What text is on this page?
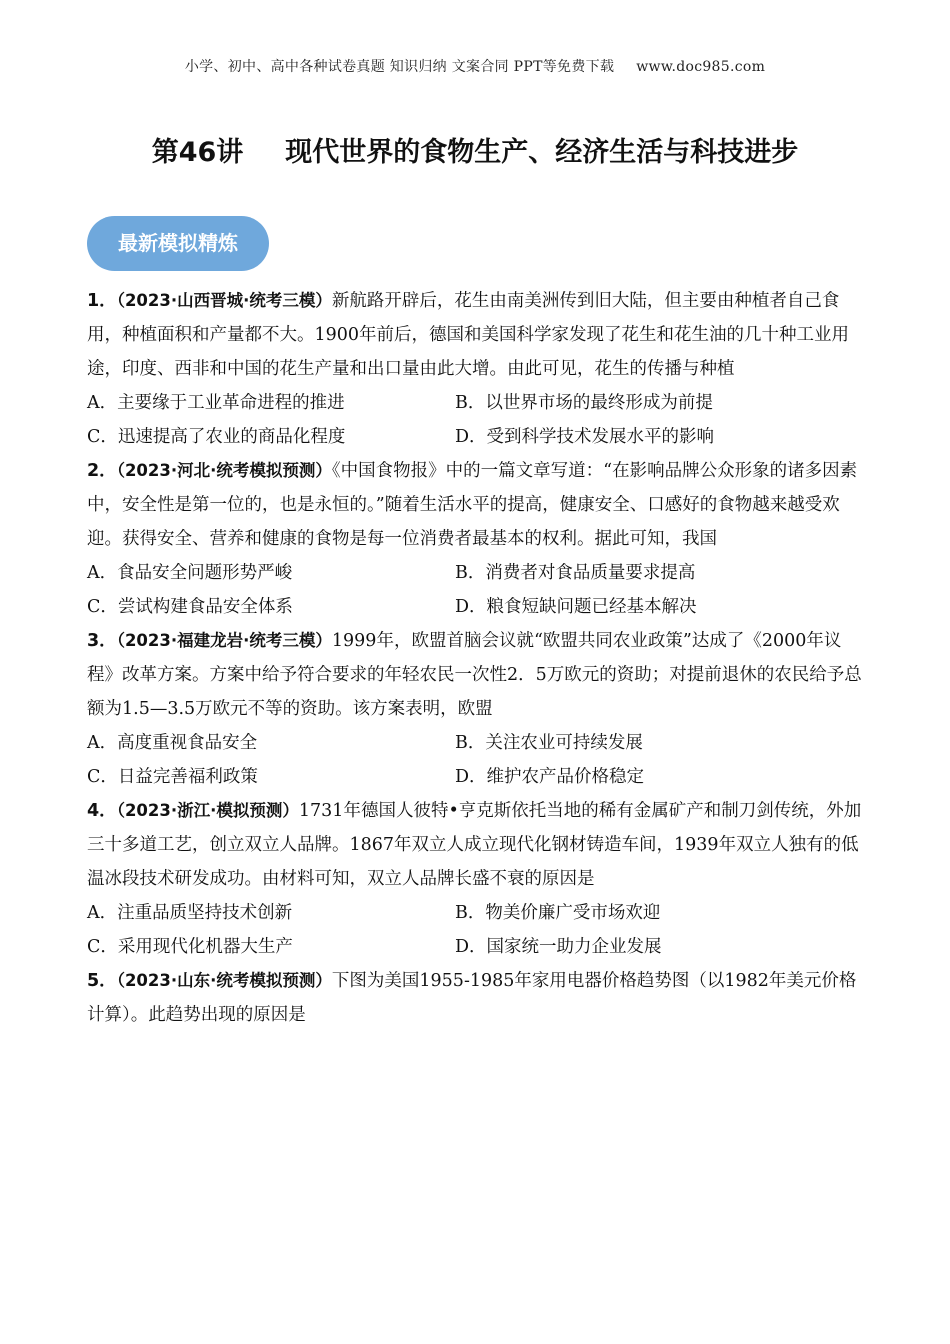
小学、初中、高中各种试卷真题 知识归纳 文案合同 PPT等免费下载 www.doc985.com
第46讲 现代世界的食物生产、经济生活与科技进步
最新模拟精炼

1．（2023·山西晋城·统考三模）新航路开辟后，花生由南美洲传到旧大陆，但主要由种植者自己食用，种植面积和产量都不大。1900年前后，德国和美国科学家发现了花生和花生油的几十种工业用途，印度、西非和中国的花生产量和出口量由此大增。由此可见，花生的传播与种植

A．主要缘于工业革命进程的推进	B．以世界市场的最终形成为前提
C．迅速提高了农业的商品化程度	D．受到科学技术发展水平的影响

2．（2023·河北·统考模拟预测）《中国食物报》中的一篇文章写道：“在影响品牌公众形象的诸多因素中，安全性是第一位的，也是永恒的。”随着生活水平的提高，健康安全、口感好的食物越来越受欢迎。获得安全、营养和健康的食物是每一位消费者最基本的权利。据此可知，我国

A．食品安全问题形势严峻	B．消费者对食品质量要求提高
C．尝试构建食品安全体系	D．粮食短缺问题已经基本解决

3．（2023·福建龙岩·统考三模）1999年，欧盟首脑会议就“欧盟共同农业政策”达成了《2000年议程》改革方案。方案中给予符合要求的年轻农民一次性2．5万欧元的资助；对提前退休的农民给予总额为1.5—3.5万欧元不等的资助。该方案表明，欧盟

A．高度重视食品安全	B．关注农业可持续发展
C．日益完善福利政策	D．维护农产品价格稳定

4．（2023·浙江·模拟预测）1731年德国人彼特•亨克斯依托当地的稀有金属矿产和制刀剑传统，外加三十多道工艺，创立双立人品牌。1867年双立人成立现代化钢材铸造车间，1939年双立人独有的低温冰段技术研发成功。由材料可知，双立人品牌长盛不衰的原因是

A．注重品质坚持技术创新	B．物美价廉广受市场欢迎
C．采用现代化机器大生产	D．国家统一助力企业发展

5．（2023·山东·统考模拟预测）下图为美国1955-1985年家用电器价格趋势图（以1982年美元价格计算）。此趋势出现的原因是
